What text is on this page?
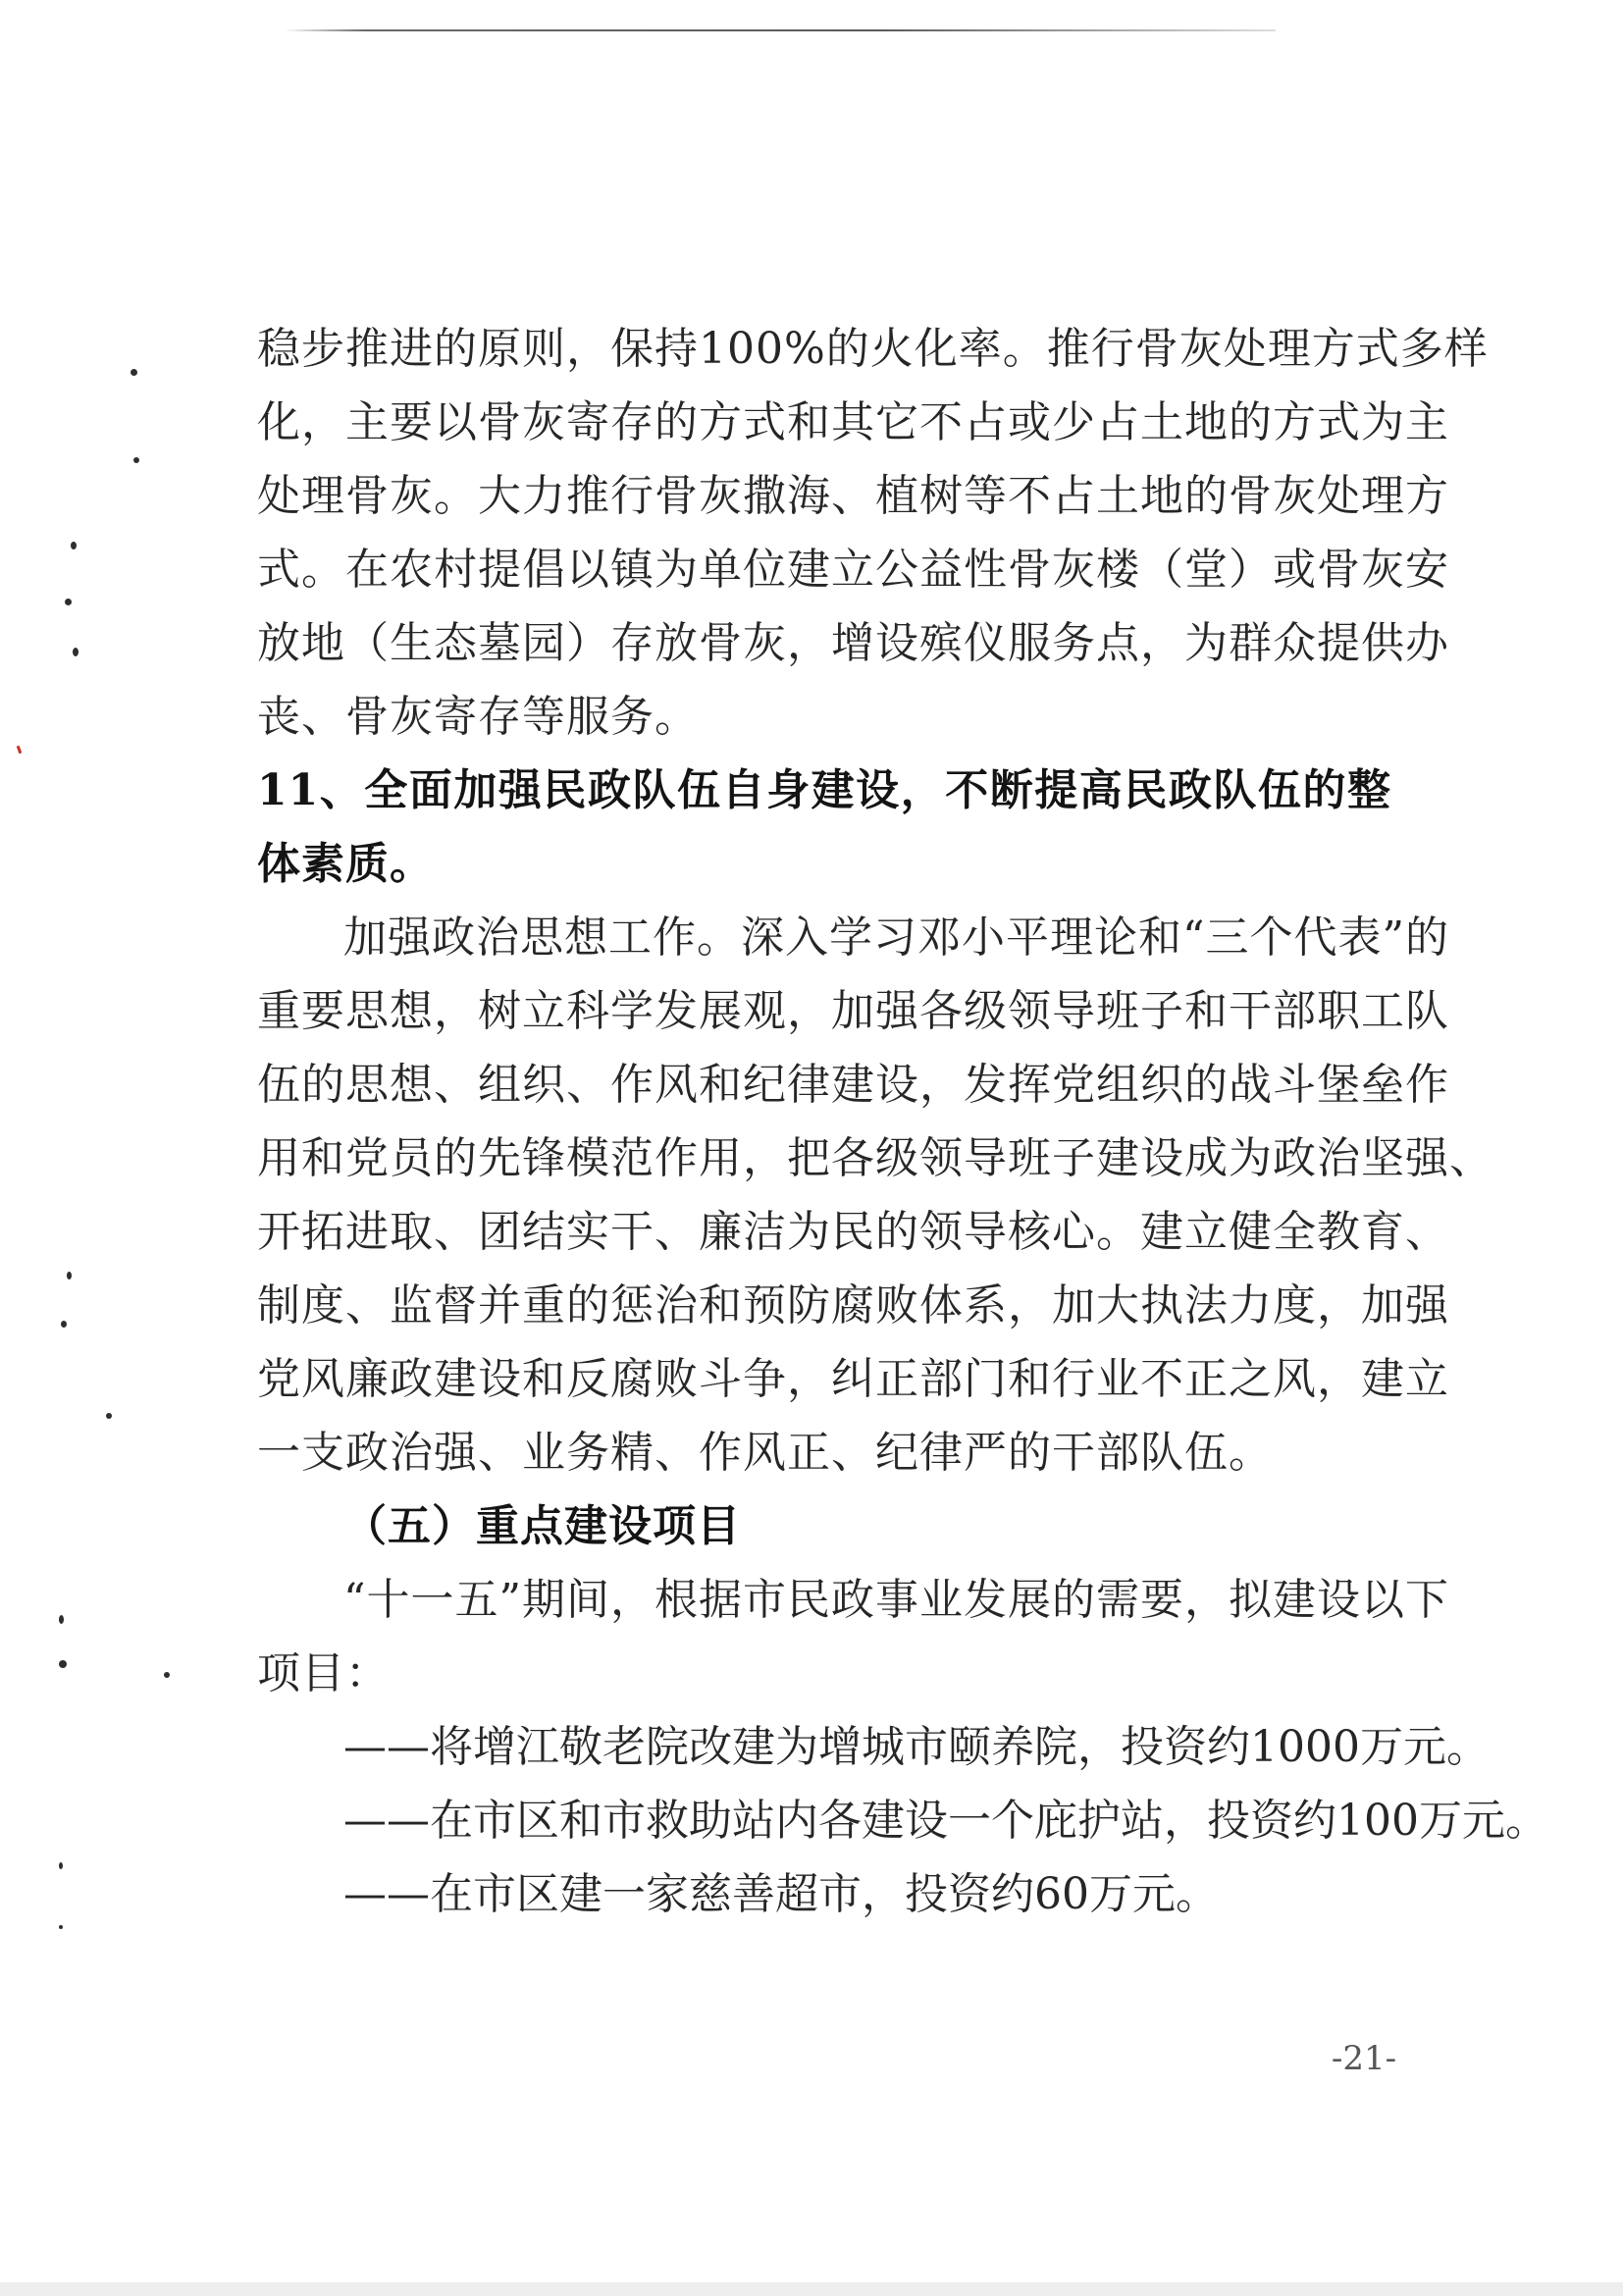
稳步推进的原则，保持100%的火化率。推行骨灰处理方式多样
化，主要以骨灰寄存的方式和其它不占或少占土地的方式为主
处理骨灰。大力推行骨灰撒海、植树等不占土地的骨灰处理方
式。在农村提倡以镇为单位建立公益性骨灰楼（堂）或骨灰安
放地（生态墓园）存放骨灰，增设殡仪服务点，为群众提供办
丧、骨灰寄存等服务。
11、全面加强民政队伍自身建设，不断提高民政队伍的整
体素质。
加强政治思想工作。深入学习邓小平理论和“三个代表”的
重要思想，树立科学发展观，加强各级领导班子和干部职工队
伍的思想、组织、作风和纪律建设，发挥党组织的战斗堡垒作
用和党员的先锋模范作用，把各级领导班子建设成为政治坚强、
开拓进取、团结实干、廉洁为民的领导核心。建立健全教育、
制度、监督并重的惩治和预防腐败体系，加大执法力度，加强
党风廉政建设和反腐败斗争，纠正部门和行业不正之风，建立
一支政治强、业务精、作风正、纪律严的干部队伍。
（五）重点建设项目
“十一五”期间，根据市民政事业发展的需要，拟建设以下
项目：
——将增江敬老院改建为增城市颐养院，投资约1000万元。
——在市区和市救助站内各建设一个庇护站，投资约100万元。
——在市区建一家慈善超市，投资约60万元。
-21-
